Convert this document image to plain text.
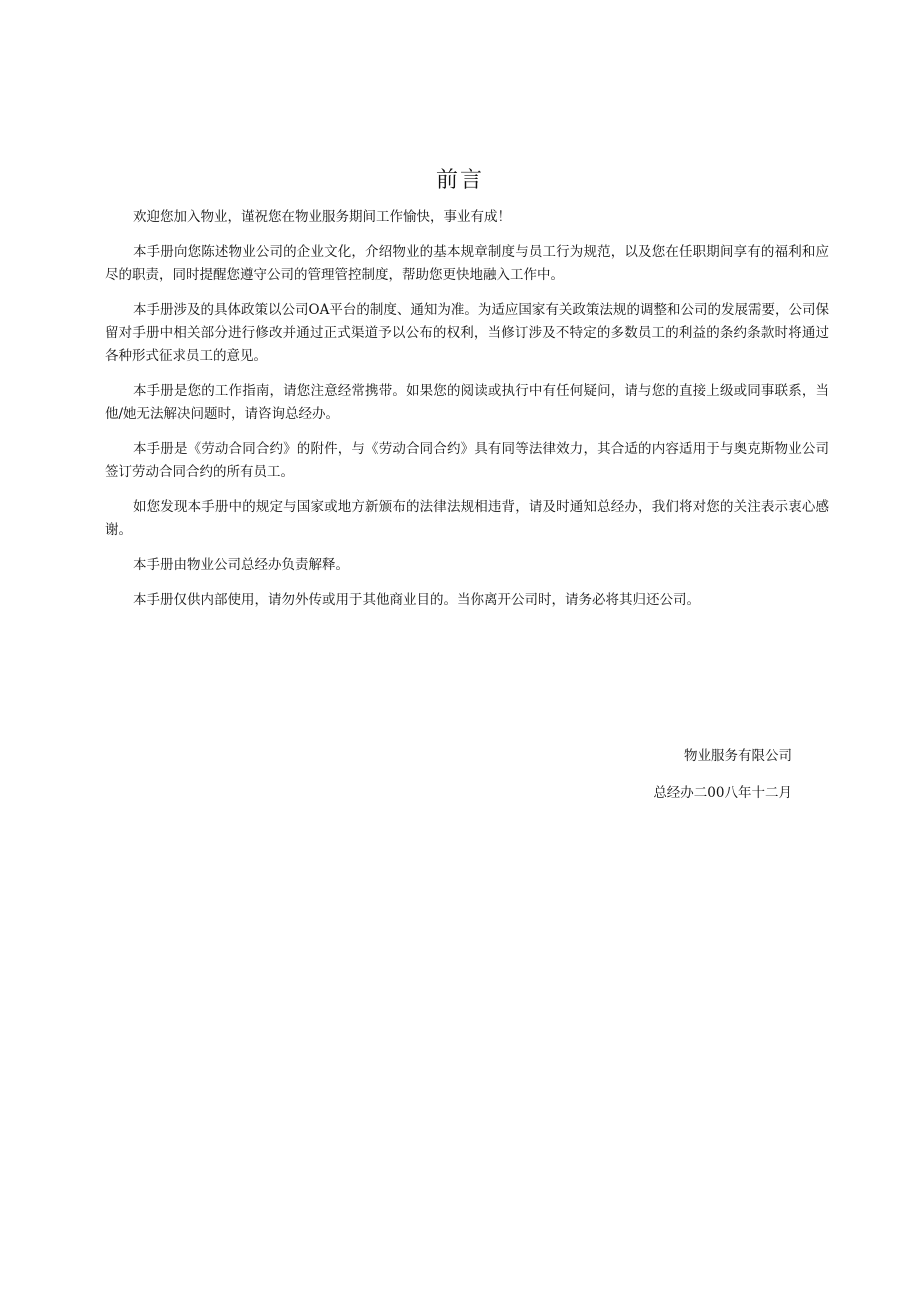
前言

欢迎您加入物业，谨祝您在物业服务期间工作愉快，事业有成！

本手册向您陈述物业公司的企业文化，介绍物业的基本规章制度与员工行为规范，以及您在任职期间享有的福利和应尽的职责，同时提醒您遵守公司的管理管控制度，帮助您更快地融入工作中。

本手册涉及的具体政策以公司OA平台的制度、通知为准。为适应国家有关政策法规的调整和公司的发展需要，公司保留对手册中相关部分进行修改并通过正式渠道予以公布的权利，当修订涉及不特定的多数员工的利益的条约条款时将通过各种形式征求员工的意见。

本手册是您的工作指南，请您注意经常携带。如果您的阅读或执行中有任何疑问，请与您的直接上级或同事联系，当他/她无法解决问题时，请咨询总经办。

本手册是《劳动合同合约》的附件，与《劳动合同合约》具有同等法律效力，其合适的内容适用于与奥克斯物业公司签订劳动合同合约的所有员工。

如您发现本手册中的规定与国家或地方新颁布的法律法规相违背，请及时通知总经办，我们将对您的关注表示衷心感谢。

本手册由物业公司总经办负责解释。

本手册仅供内部使用，请勿外传或用于其他商业目的。当你离开公司时，请务必将其归还公司。

物业服务有限公司
总经办二00八年十二月
